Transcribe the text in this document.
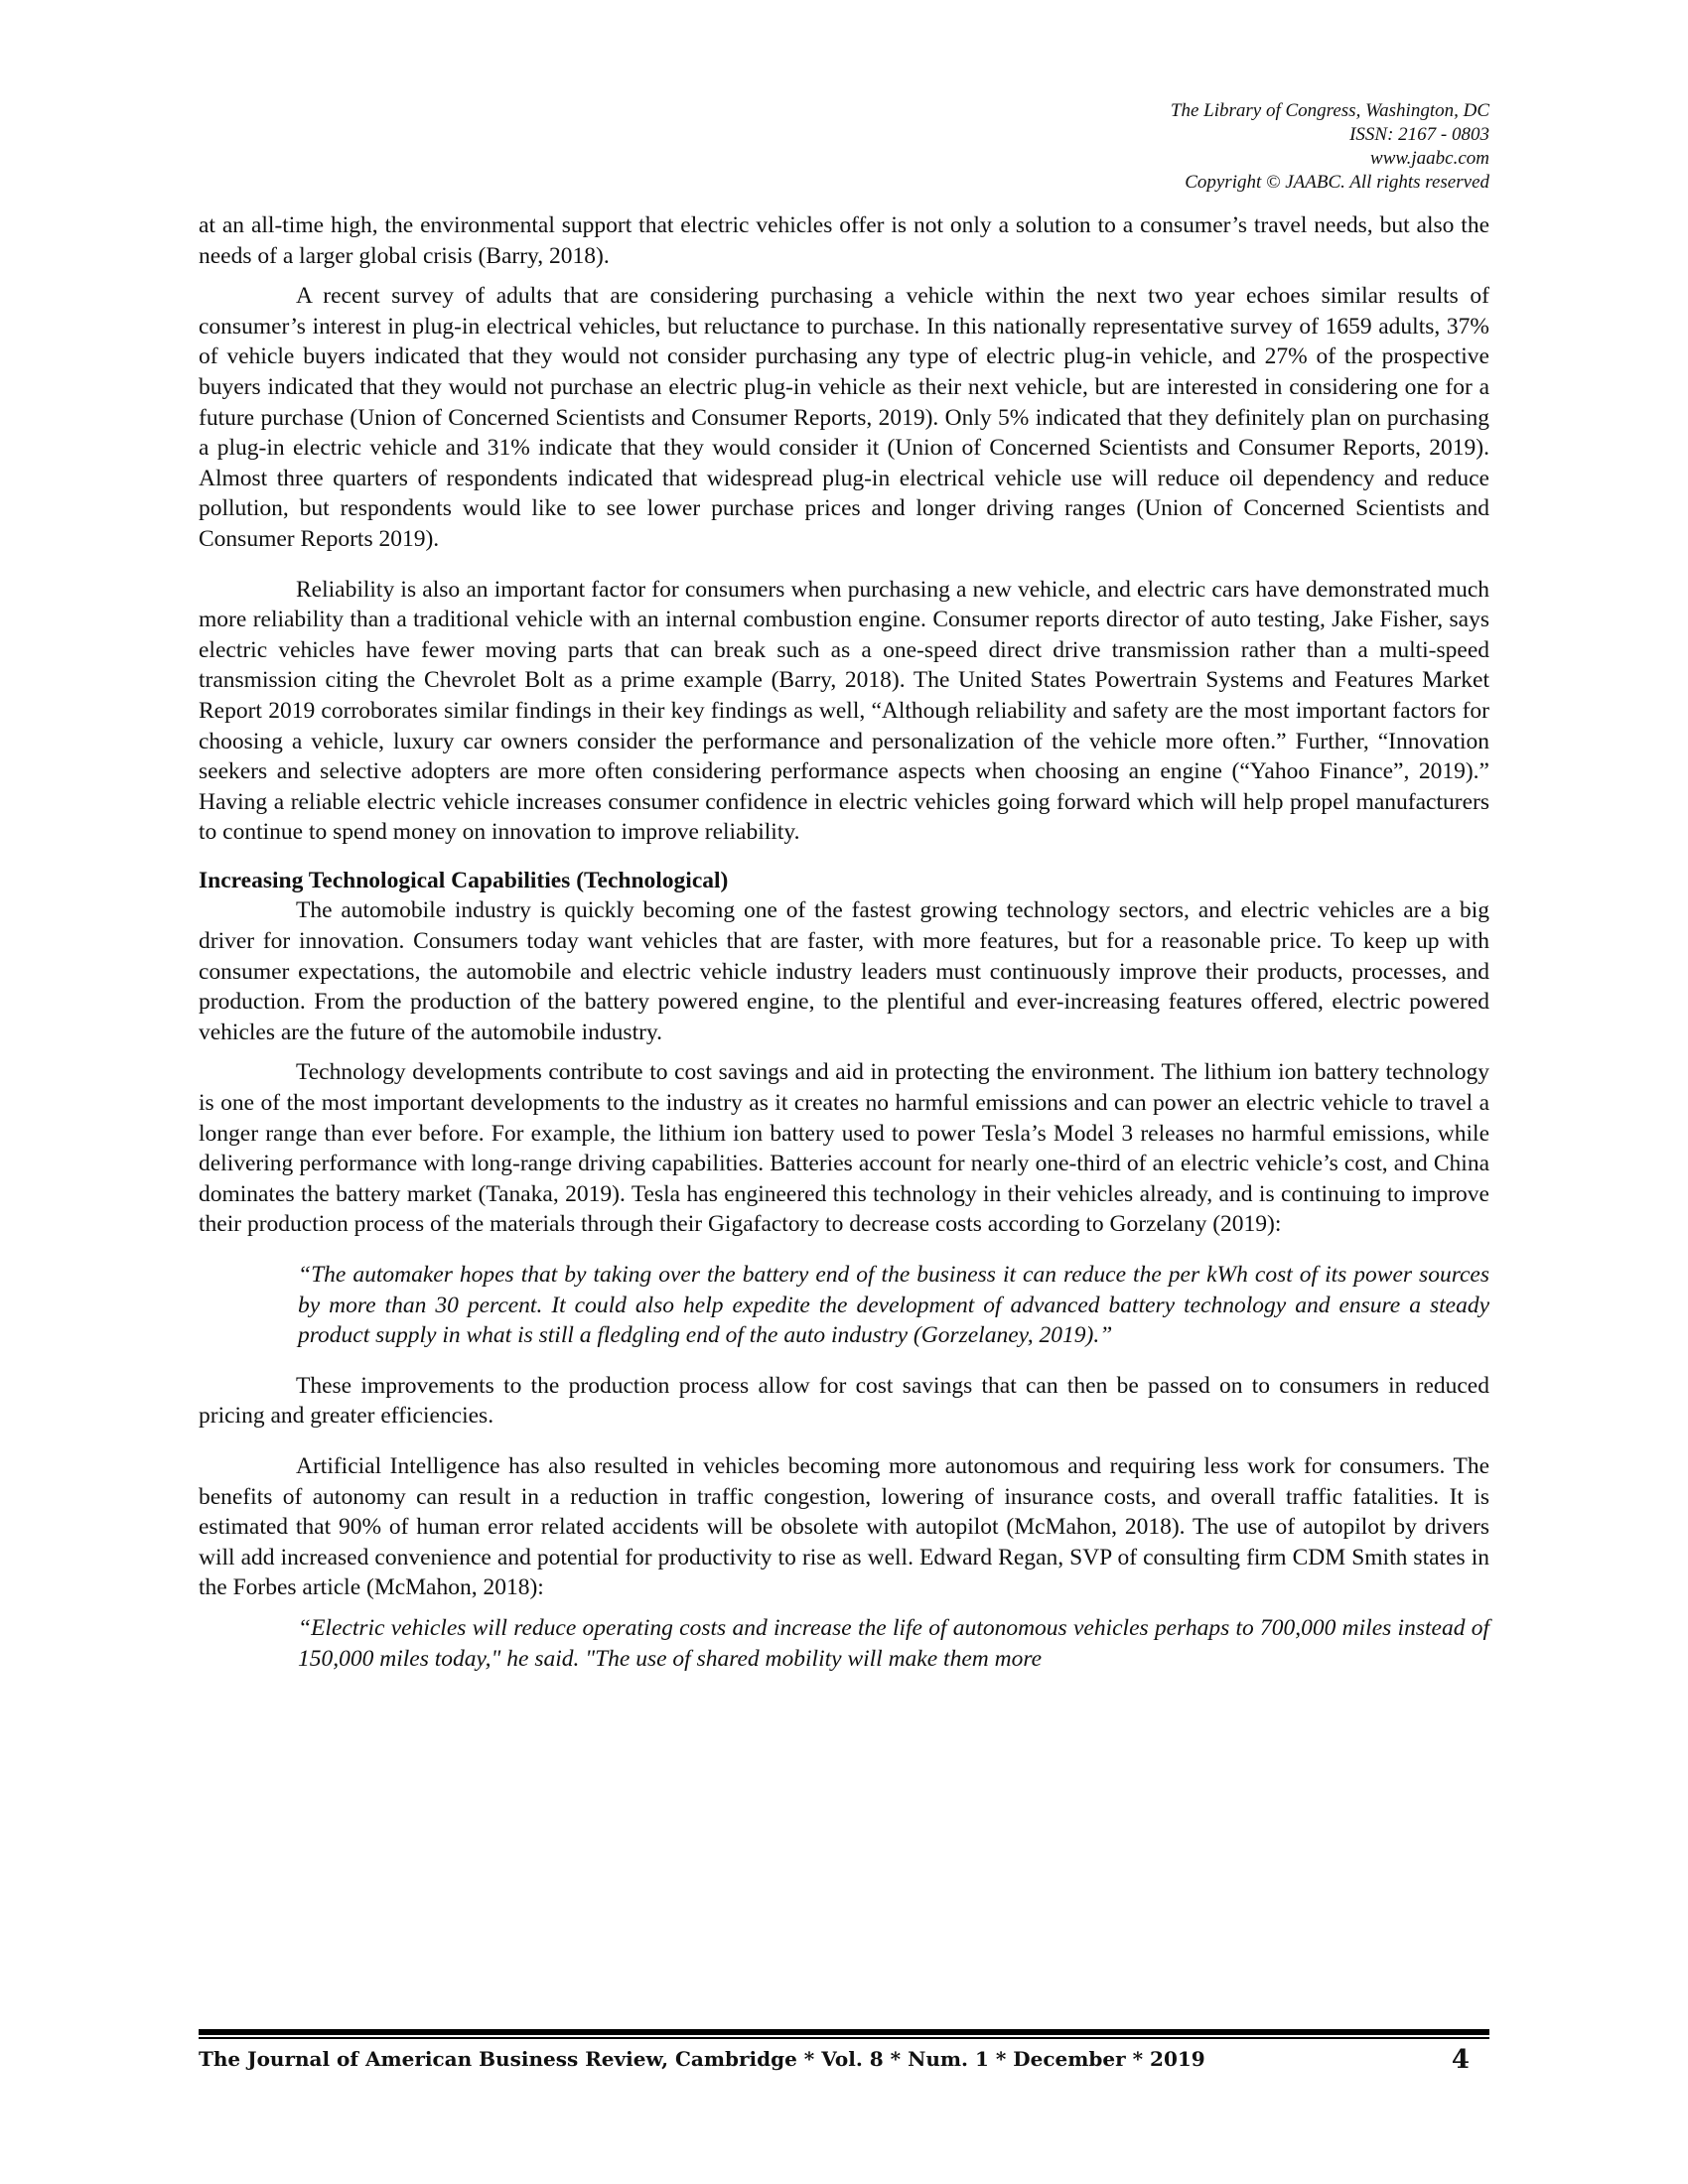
The Library of Congress, Washington, DC
ISSN: 2167 - 0803
www.jaabc.com
Copyright © JAABC. All rights reserved

at an all-time high, the environmental support that electric vehicles offer is not only a solution to a consumer’s travel needs, but also the needs of a larger global crisis (Barry, 2018).

A recent survey of adults that are considering purchasing a vehicle within the next two year echoes similar results of consumer’s interest in plug-in electrical vehicles, but reluctance to purchase. In this nationally representative survey of 1659 adults, 37% of vehicle buyers indicated that they would not consider purchasing any type of electric plug-in vehicle, and 27% of the prospective buyers indicated that they would not purchase an electric plug-in vehicle as their next vehicle, but are interested in considering one for a future purchase (Union of Concerned Scientists and Consumer Reports, 2019). Only 5% indicated that they definitely plan on purchasing a plug-in electric vehicle and 31% indicate that they would consider it (Union of Concerned Scientists and Consumer Reports, 2019). Almost three quarters of respondents indicated that widespread plug-in electrical vehicle use will reduce oil dependency and reduce pollution, but respondents would like to see lower purchase prices and longer driving ranges (Union of Concerned Scientists and Consumer Reports 2019).

Reliability is also an important factor for consumers when purchasing a new vehicle, and electric cars have demonstrated much more reliability than a traditional vehicle with an internal combustion engine. Consumer reports director of auto testing, Jake Fisher, says electric vehicles have fewer moving parts that can break such as a one-speed direct drive transmission rather than a multi-speed transmission citing the Chevrolet Bolt as a prime example (Barry, 2018). The United States Powertrain Systems and Features Market Report 2019 corroborates similar findings in their key findings as well, “Although reliability and safety are the most important factors for choosing a vehicle, luxury car owners consider the performance and personalization of the vehicle more often.” Further, “Innovation seekers and selective adopters are more often considering performance aspects when choosing an engine (“Yahoo Finance”, 2019).” Having a reliable electric vehicle increases consumer confidence in electric vehicles going forward which will help propel manufacturers to continue to spend money on innovation to improve reliability.

Increasing Technological Capabilities (Technological)

The automobile industry is quickly becoming one of the fastest growing technology sectors, and electric vehicles are a big driver for innovation. Consumers today want vehicles that are faster, with more features, but for a reasonable price. To keep up with consumer expectations, the automobile and electric vehicle industry leaders must continuously improve their products, processes, and production. From the production of the battery powered engine, to the plentiful and ever-increasing features offered, electric powered vehicles are the future of the automobile industry.

Technology developments contribute to cost savings and aid in protecting the environment. The lithium ion battery technology is one of the most important developments to the industry as it creates no harmful emissions and can power an electric vehicle to travel a longer range than ever before. For example, the lithium ion battery used to power Tesla’s Model 3 releases no harmful emissions, while delivering performance with long-range driving capabilities. Batteries account for nearly one-third of an electric vehicle’s cost, and China dominates the battery market (Tanaka, 2019). Tesla has engineered this technology in their vehicles already, and is continuing to improve their production process of the materials through their Gigafactory to decrease costs according to Gorzelany (2019):

“The automaker hopes that by taking over the battery end of the business it can reduce the per kWh cost of its power sources by more than 30 percent. It could also help expedite the development of advanced battery technology and ensure a steady product supply in what is still a fledgling end of the auto industry (Gorzelaney, 2019).”

These improvements to the production process allow for cost savings that can then be passed on to consumers in reduced pricing and greater efficiencies.

Artificial Intelligence has also resulted in vehicles becoming more autonomous and requiring less work for consumers. The benefits of autonomy can result in a reduction in traffic congestion, lowering of insurance costs, and overall traffic fatalities. It is estimated that 90% of human error related accidents will be obsolete with autopilot (McMahon, 2018). The use of autopilot by drivers will add increased convenience and potential for productivity to rise as well. Edward Regan, SVP of consulting firm CDM Smith states in the Forbes article (McMahon, 2018):

“Electric vehicles will reduce operating costs and increase the life of autonomous vehicles perhaps to 700,000 miles instead of 150,000 miles today," he said. "The use of shared mobility will make them more

The Journal of American Business Review, Cambridge * Vol. 8 * Num. 1 * December * 2019	4
